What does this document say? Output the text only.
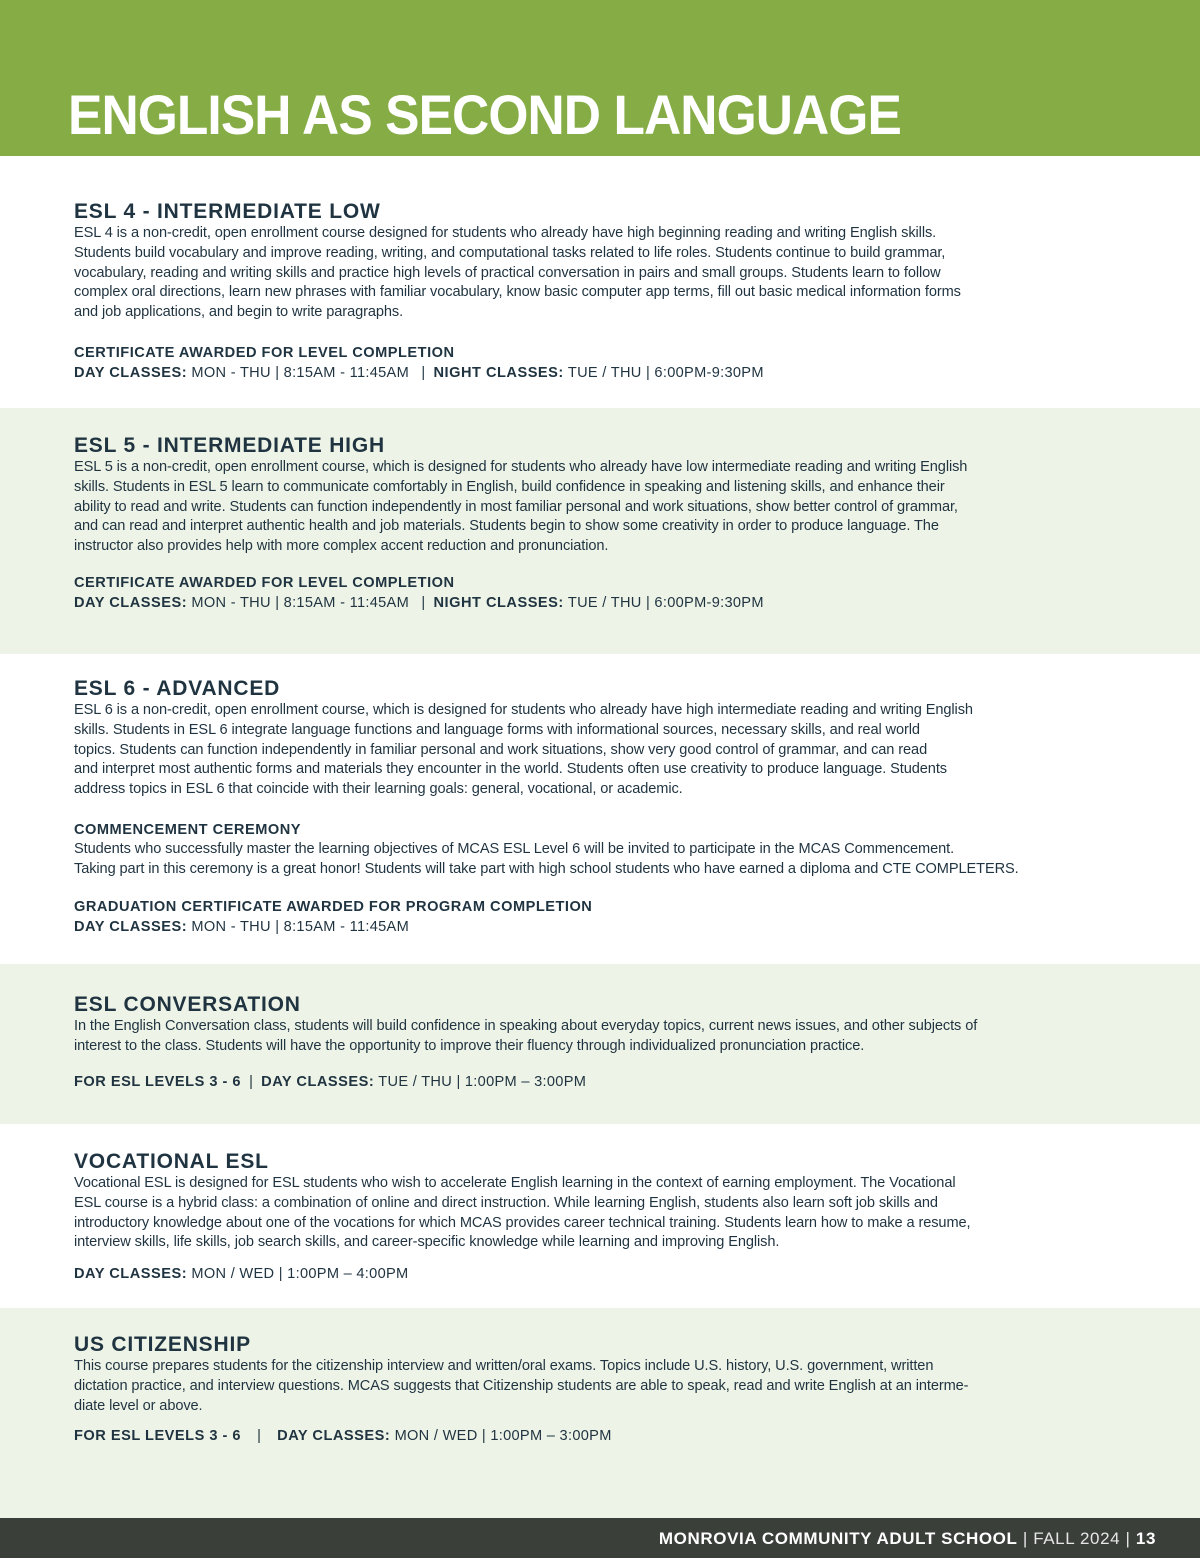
ENGLISH AS SECOND LANGUAGE
ESL 4 - INTERMEDIATE LOW

ESL 4 is a non-credit, open enrollment course designed for students who already have high beginning reading and writing English skills.

Students build vocabulary and improve reading, writing, and computational tasks related to life roles. Students continue to build grammar,

vocabulary, reading and writing skills and practice high levels of practical conversation in pairs and small groups. Students learn to follow

complex oral directions, learn new phrases with familiar vocabulary, know basic computer app terms, fill out basic medical information forms

and job applications, and begin to write paragraphs.

CERTIFICATE AWARDED FOR LEVEL COMPLETION

DAY CLASSES: MON - THU | 8:15AM - 11:45AM | NIGHT CLASSES: TUE / THU | 6:00PM-9:30PM

ESL 5 - INTERMEDIATE HIGH

ESL 5 is a non-credit, open enrollment course, which is designed for students who already have low intermediate reading and writing English

skills. Students in ESL 5 learn to communicate comfortably in English, build confidence in speaking and listening skills, and enhance their

ability to read and write. Students can function independently in most familiar personal and work situations, show better control of grammar,

and can read and interpret authentic health and job materials. Students begin to show some creativity in order to produce language. The

instructor also provides help with more complex accent reduction and pronunciation.

CERTIFICATE AWARDED FOR LEVEL COMPLETION

DAY CLASSES: MON - THU | 8:15AM - 11:45AM | NIGHT CLASSES: TUE / THU | 6:00PM-9:30PM

ESL 6 - ADVANCED

ESL 6 is a non-credit, open enrollment course, which is designed for students who already have high intermediate reading and writing English

skills. Students in ESL 6 integrate language functions and language forms with informational sources, necessary skills, and real world

topics. Students can function independently in familiar personal and work situations, show very good control of grammar, and can read

and interpret most authentic forms and materials they encounter in the world. Students often use creativity to produce language. Students

address topics in ESL 6 that coincide with their learning goals: general, vocational, or academic.

COMMENCEMENT CEREMONY

Students who successfully master the learning objectives of MCAS ESL Level 6 will be invited to participate in the MCAS Commencement.

Taking part in this ceremony is a great honor! Students will take part with high school students who have earned a diploma and CTE COMPLETERS.

GRADUATION CERTIFICATE AWARDED FOR PROGRAM COMPLETION

DAY CLASSES: MON - THU | 8:15AM - 11:45AM

ESL CONVERSATION

In the English Conversation class, students will build confidence in speaking about everyday topics, current news issues, and other subjects of

interest to the class. Students will have the opportunity to improve their fluency through individualized pronunciation practice.

FOR ESL LEVELS 3 - 6 | DAY CLASSES: TUE / THU | 1:00PM – 3:00PM

VOCATIONAL ESL

Vocational ESL is designed for ESL students who wish to accelerate English learning in the context of earning employment. The Vocational

ESL course is a hybrid class: a combination of online and direct instruction. While learning English, students also learn soft job skills and

introductory knowledge about one of the vocations for which MCAS provides career technical training. Students learn how to make a resume,

interview skills, life skills, job search skills, and career-specific knowledge while learning and improving English.

DAY CLASSES: MON / WED | 1:00PM – 4:00PM

US CITIZENSHIP

This course prepares students for the citizenship interview and written/oral exams. Topics include U.S. history, U.S. government, written

dictation practice, and interview questions. MCAS suggests that Citizenship students are able to speak, read and write English at an interme-

diate level or above.

FOR ESL LEVELS 3 - 6 | DAY CLASSES: MON / WED | 1:00PM – 3:00PM

MONROVIA COMMUNITY ADULT SCHOOL | FALL 2024 | 13
